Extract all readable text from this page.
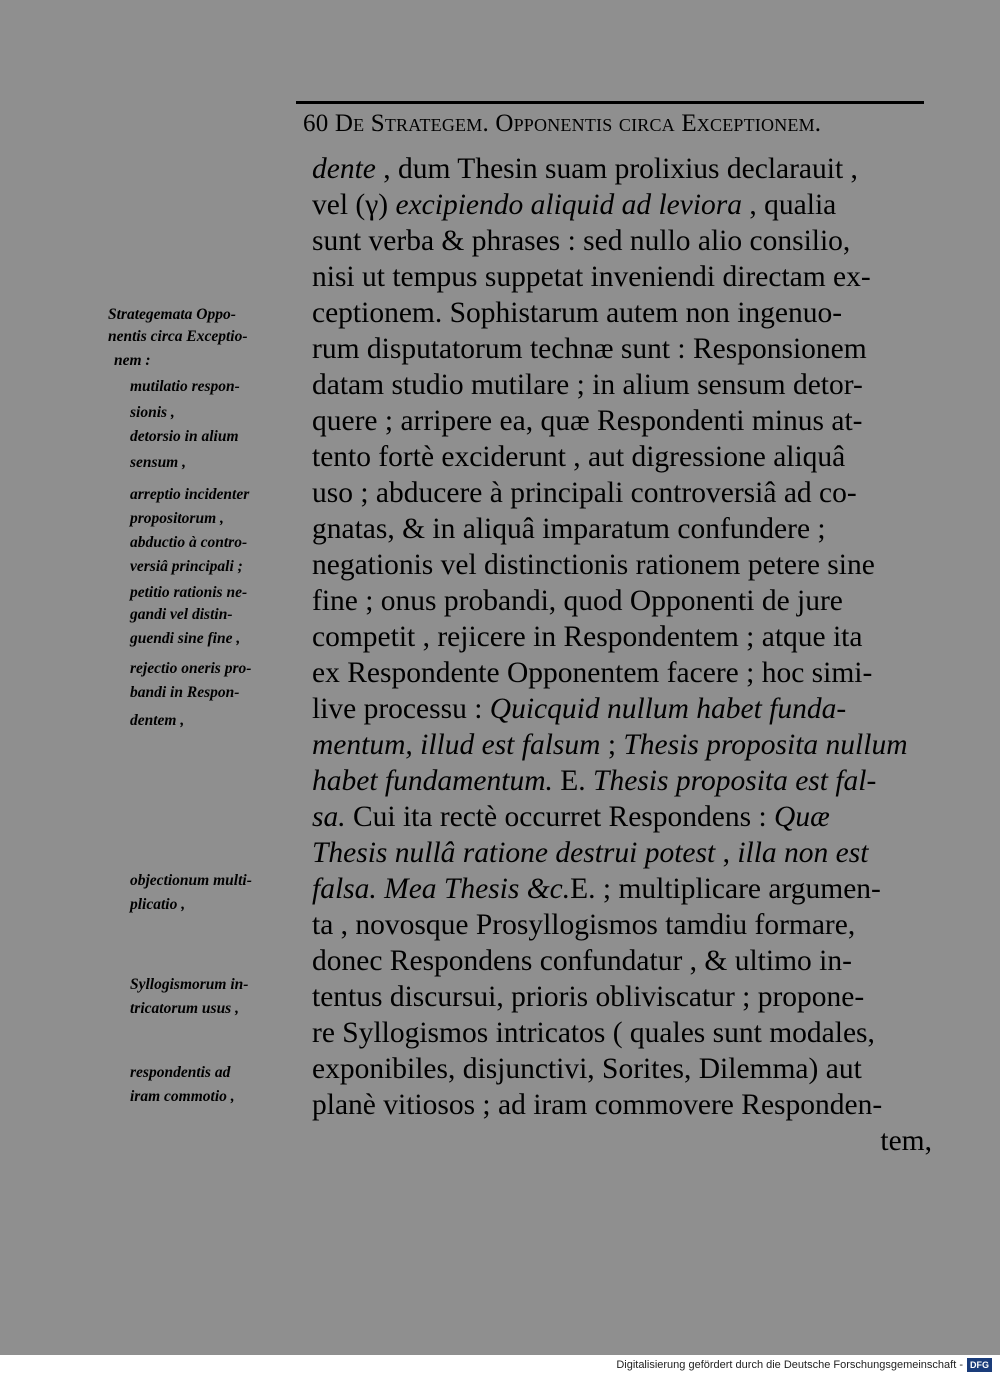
60 De Strategem. Opponentis circa Exceptionem.
dente , dum Thesin suam prolixius declarauit ,
vel (γ) excipiendo aliquid ad leviora , qualia
sunt verba & phrases : sed nullo alio consilio,
nisi ut tempus suppetat inveniendi directam ex-
ceptionem. Sophistarum autem non ingenuo-
rum disputatorum technæ sunt : Responsionem
datam studio mutilare ; in alium sensum detor-
quere ; arripere ea, quæ Respondenti minus at-
tento fortè exciderunt , aut digressione aliquâ
uso ; abducere à principali controversiâ ad co-
gnatas, & in aliquâ imparatum confundere ;
negationis vel distinctionis rationem petere sine
fine ; onus probandi, quod Opponenti de jure
competit , rejicere in Respondentem ; atque ita
ex Respondente Opponentem facere ; hoc simi-
live processu : Quicquid nullum habet funda-
mentum, illud est falsum ; Thesis proposita nullum
habet fundamentum. E. Thesis proposita est fal-
sa. Cui ita rectè occurret Respondens : Quæ
Thesis nullâ ratione destrui potest , illa non est
falsa. Mea Thesis &c.E. ; multiplicare argumen-
ta , novosque Prosyllogismos tamdiu formare,
donec Respondens confundatur , & ultimo in-
tentus discursui, prioris obliviscatur ; propone-
re Syllogismos intricatos ( quales sunt modales,
exponibiles, disjunctivi, Sorites, Dilemma) aut
planè vitiosos ; ad iram commovere Responden-
tem,
Strategemata Oppo-
nentis circa Exceptio-
nem :
mutilatio respon-
sionis ,
detorsio in alium
sensum ,
arreptio incidenter
propositorum ,
abductio à contro-
versiâ principali ;
petitio rationis ne-
gandi vel distin-
guendi sine fine ,
rejectio oneris pro-
bandi in Respon-
dentem ,
objectionum multi-
plicatio ,
Syllogismorum in-
tricatorum usus ,
respondentis ad
iram commotio ,
Digitalisierung gefördert durch die Deutsche Forschungsgemeinschaft - DFG
